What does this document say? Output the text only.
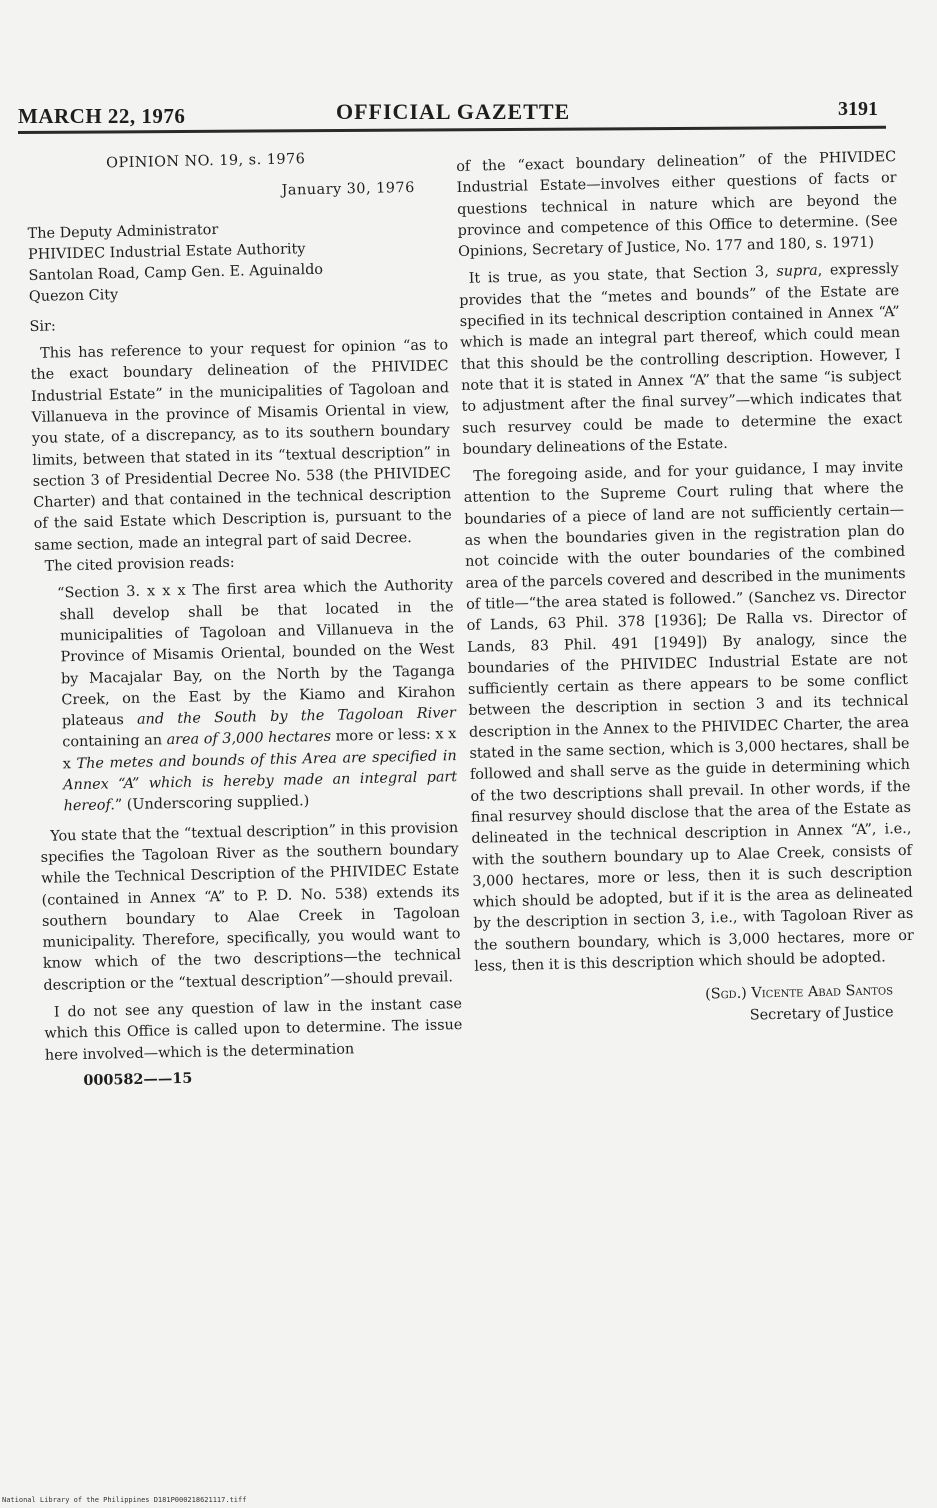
MARCH 22, 1976	OFFICIAL GAZETTE	3191

OPINION NO. 19, s. 1976

January 30, 1976

The Deputy Administrator
PHIVIDEC Industrial Estate Authority
Santolan Road, Camp Gen. E. Aguinaldo
Quezon City

Sir:

This has reference to your request for opinion “as to the exact boundary delineation of the PHIVIDEC Industrial Estate” in the municipalities of Tagoloan and Villanueva in the province of Misamis Oriental in view, you state, of a discrepancy, as to its southern boundary limits, between that stated in its “textual description” in section 3 of Presidential Decree No. 538 (the PHIVIDEC Charter) and that contained in the technical description of the said Estate which Description is, pursuant to the same section, made an integral part of said Decree.

The cited provision reads:

“Section 3. x x x The first area which the Authority shall develop shall be that located in the municipalities of Tagoloan and Villanueva in the Province of Misamis Oriental, bounded on the West by Macajalar Bay, on the North by the Taganga Creek, on the East by the Kiamo and Kirahon plateaus and the South by the Tagoloan River containing an area of 3,000 hectares more or less: x x x The metes and bounds of this Area are specified in Annex “A” which is hereby made an integral part hereof.” (Underscoring supplied.)

You state that the “textual description” in this provision specifies the Tagoloan River as the southern boundary while the Technical Description of the PHIVIDEC Estate (contained in Annex “A” to P. D. No. 538) extends its southern boundary to Alae Creek in Tagoloan municipality. Therefore, specifically, you would want to know which of the two descriptions—the technical description or the “textual description”—should prevail.

I do not see any question of law in the instant case which this Office is called upon to determine. The issue here involved—which is the determination

000582——15

of the “exact boundary delineation” of the PHIVIDEC Industrial Estate—involves either questions of facts or questions technical in nature which are beyond the province and competence of this Office to determine. (See Opinions, Secretary of Justice, No. 177 and 180, s. 1971)

It is true, as you state, that Section 3, supra, expressly provides that the “metes and bounds” of the Estate are specified in its technical description contained in Annex “A” which is made an integral part thereof, which could mean that this should be the controlling description. However, I note that it is stated in Annex “A” that the same “is subject to adjustment after the final survey”—which indicates that such resurvey could be made to determine the exact boundary delineations of the Estate.

The foregoing aside, and for your guidance, I may invite attention to the Supreme Court ruling that where the boundaries of a piece of land are not sufficiently certain—as when the boundaries given in the registration plan do not coincide with the outer boundaries of the combined area of the parcels covered and described in the muniments of title—“the area stated is followed.” (Sanchez vs. Director of Lands, 63 Phil. 378 [1936]; De Ralla vs. Director of Lands, 83 Phil. 491 [1949]) By analogy, since the boundaries of the PHIVIDEC Industrial Estate are not sufficiently certain as there appears to be some conflict between the description in section 3 and its technical description in the Annex to the PHIVIDEC Charter, the area stated in the same section, which is 3,000 hectares, shall be followed and shall serve as the guide in determining which of the two descriptions shall prevail. In other words, if the final resurvey should disclose that the area of the Estate as delineated in the technical description in Annex “A”, i.e., with the southern boundary up to Alae Creek, consists of 3,000 hectares, more or less, then it is such description which should be adopted, but if it is the area as delineated by the description in section 3, i.e., with Tagoloan River as the southern boundary, which is 3,000 hectares, more or less, then it is this description which should be adopted.

(Sgd.) Vicente Abad Santos
Secretary of Justice
National Library of the Philippines D181P000218621117.tiff
